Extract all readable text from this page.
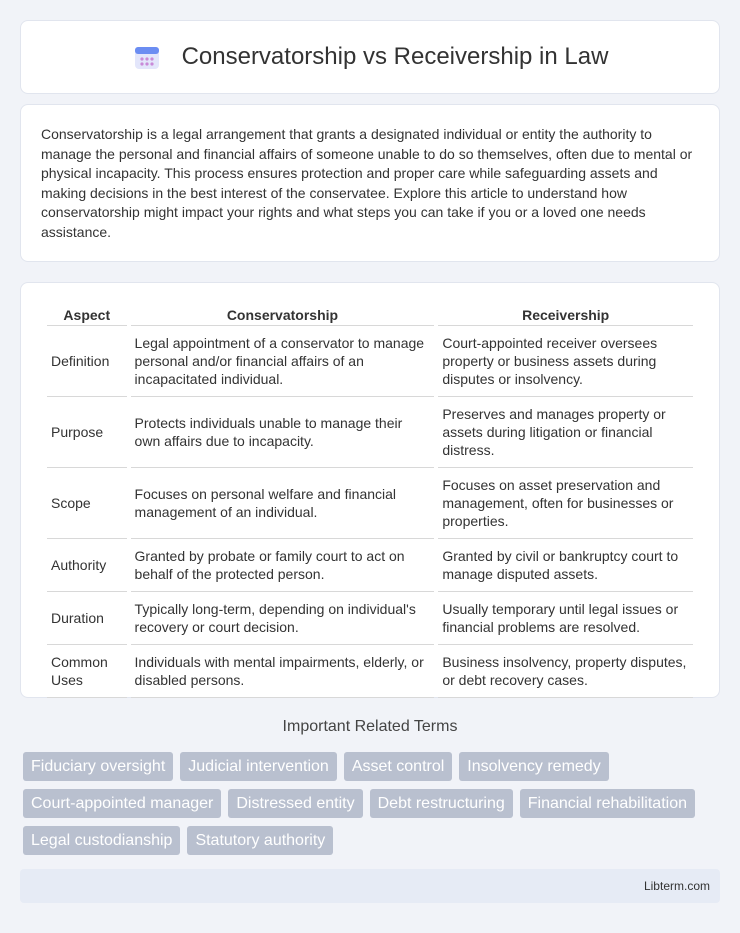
Conservatorship vs Receivership in Law

Conservatorship is a legal arrangement that grants a designated individual or entity the authority to manage the personal and financial affairs of someone unable to do so themselves, often due to mental or physical incapacity. This process ensures protection and proper care while safeguarding assets and making decisions in the best interest of the conservatee. Explore this article to understand how conservatorship might impact your rights and what steps you can take if you or a loved one needs assistance.

Aspect	Conservatorship	Receivership
Definition	Legal appointment of a conservator to manage personal and/or financial affairs of an incapacitated individual.	Court-appointed receiver oversees property or business assets during disputes or insolvency.
Purpose	Protects individuals unable to manage their own affairs due to incapacity.	Preserves and manages property or assets during litigation or financial distress.
Scope	Focuses on personal welfare and financial management of an individual.	Focuses on asset preservation and management, often for businesses or properties.
Authority	Granted by probate or family court to act on behalf of the protected person.	Granted by civil or bankruptcy court to manage disputed assets.
Duration	Typically long-term, depending on individual's recovery or court decision.	Usually temporary until legal issues or financial problems are resolved.
Common Uses	Individuals with mental impairments, elderly, or disabled persons.	Business insolvency, property disputes, or debt recovery cases.
Important Related Terms
Fiduciary oversight	Judicial intervention	Asset control	Insolvency remedy
Court-appointed manager	Distressed entity	Debt restructuring	Financial rehabilitation
Legal custodianship	Statutory authority
Libterm.com
